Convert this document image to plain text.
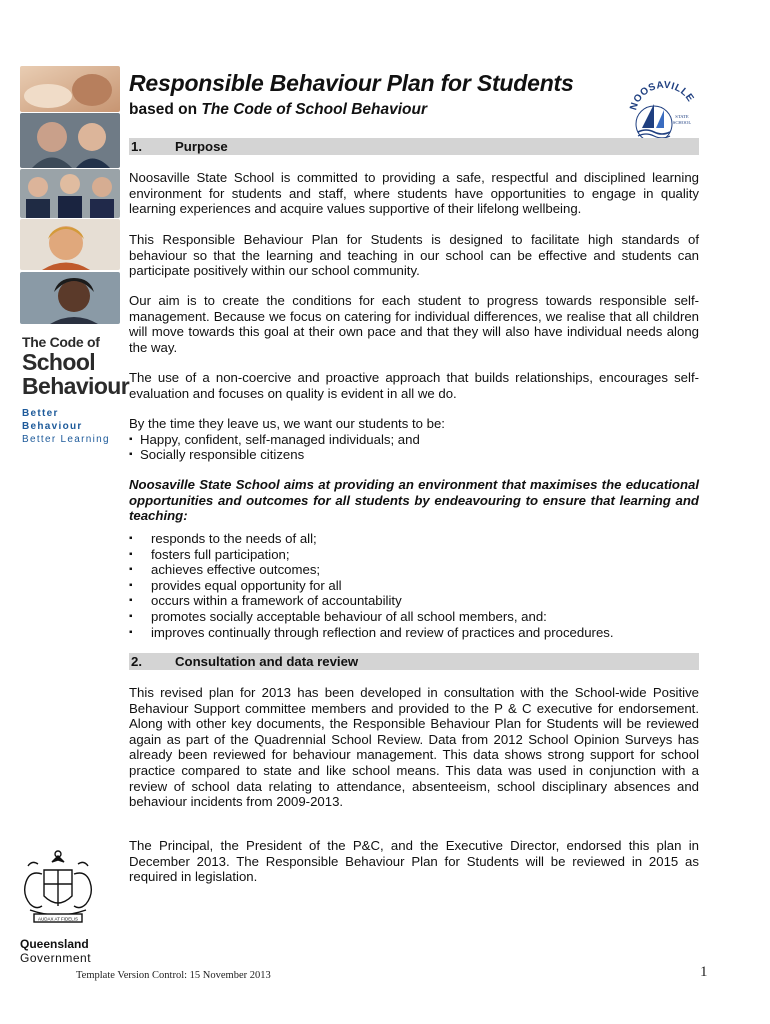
The Code of
School
Behaviour
Better Behaviour
Better Learning
AUDAX AT FIDELIS
Queensland
Government
Responsible Behaviour Plan for Students
based on The Code of School Behaviour	NOOSAVILLE
STATE
SCHOOL
1.	Purpose
Noosaville State School is committed to providing a safe, respectful and disciplined learning environment for students and staff, where students have opportunities to engage in quality learning experiences and acquire values supportive of their lifelong wellbeing.
This Responsible Behaviour Plan for Students is designed to facilitate high standards of behaviour so that the learning and teaching in our school can be effective and students can participate positively within our school community.
Our aim is to create the conditions for each student to progress towards responsible self-management. Because we focus on catering for individual differences, we realise that all children will move towards this goal at their own pace and that they will also have individual needs along the way.
The use of a non-coercive and proactive approach that builds relationships, encourages self-evaluation and focuses on quality is evident in all we do.
By the time they leave us, we want our students to be:
▪ Happy, confident, self-managed individuals; and
▪ Socially responsible citizens
Noosaville State School aims at providing an environment that maximises the educational opportunities and outcomes for all students by endeavouring to ensure that learning and teaching:
▪ responds to the needs of all;
▪ fosters full participation;
▪ achieves effective outcomes;
▪ provides equal opportunity for all
▪ occurs within a framework of accountability
▪ promotes socially acceptable behaviour of all school members, and:
▪ improves continually through reflection and review of practices and procedures.
2.	Consultation and data review
This revised plan for 2013 has been developed in consultation with the School-wide Positive Behaviour Support committee members and provided to the P & C executive for endorsement. Along with other key documents, the Responsible Behaviour Plan for Students will be reviewed again as part of the Quadrennial School Review. Data from 2012 School Opinion Surveys has already been reviewed for behaviour management. This data shows strong support for school practice compared to state and like school means. This data was used in conjunction with a review of school data relating to attendance, absenteeism, school disciplinary absences and behaviour incidents from 2009-2013.
The Principal, the President of the P&C, and the Executive Director, endorsed this plan in December 2013. The Responsible Behaviour Plan for Students will be reviewed in 2015 as required in legislation.
Template Version Control: 15 November 2013	1
